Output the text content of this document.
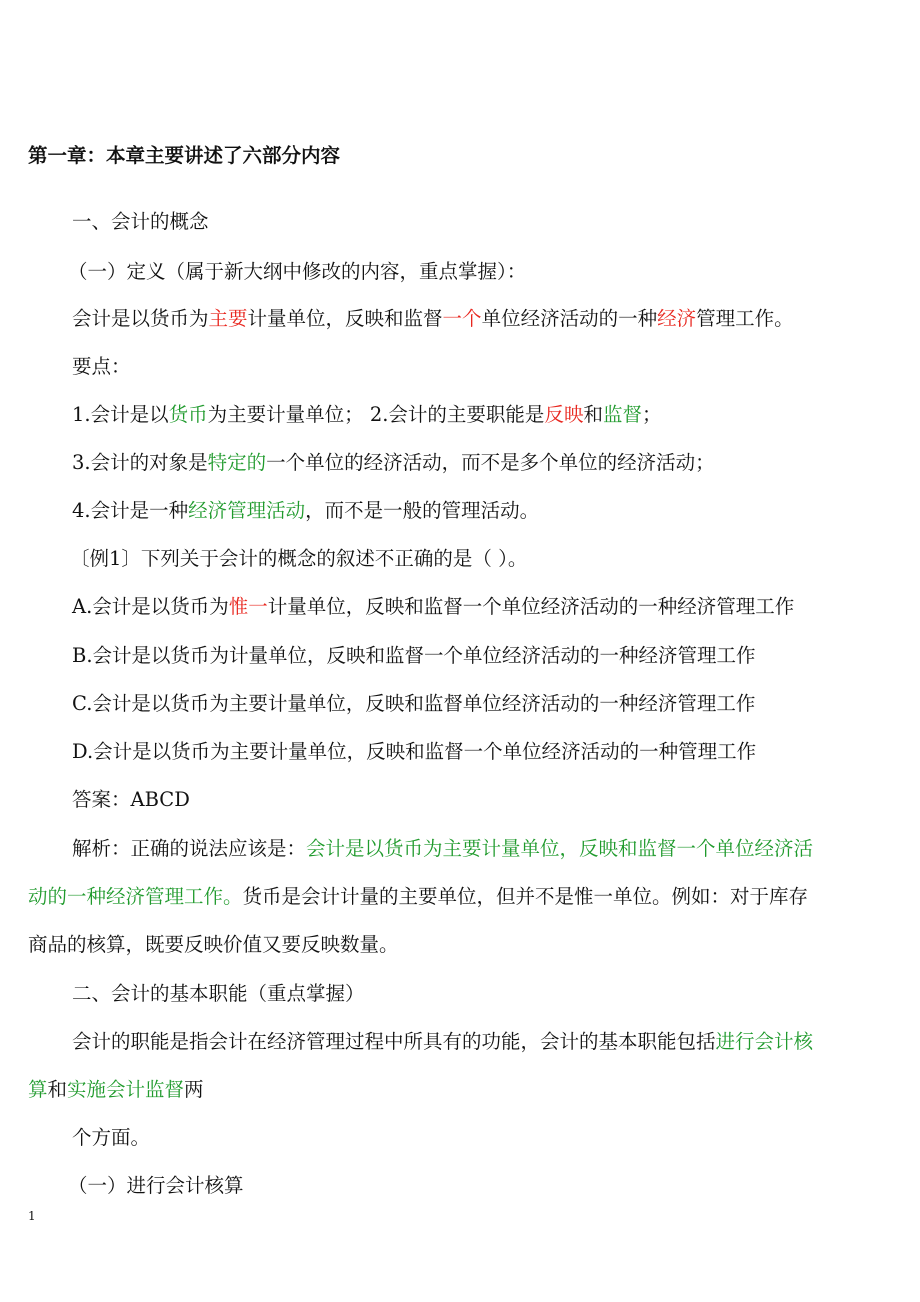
第一章：本章主要讲述了六部分内容

一、会计的概念

（一）定义（属于新大纲中修改的内容，重点掌握）：

会计是以货币为主要计量单位，反映和监督一个单位经济活动的一种经济管理工作。

要点：

1.会计是以货币为主要计量单位； 2.会计的主要职能是反映和监督；

3.会计的对象是特定的一个单位的经济活动，而不是多个单位的经济活动；

4.会计是一种经济管理活动，而不是一般的管理活动。

〔例1〕下列关于会计的概念的叙述不正确的是（ ）。

A.会计是以货币为惟一计量单位，反映和监督一个单位经济活动的一种经济管理工作

B.会计是以货币为计量单位，反映和监督一个单位经济活动的一种经济管理工作

C.会计是以货币为主要计量单位，反映和监督单位经济活动的一种经济管理工作

D.会计是以货币为主要计量单位，反映和监督一个单位经济活动的一种管理工作

答案：ABCD

解析：正确的说法应该是：会计是以货币为主要计量单位，反映和监督一个单位经济活

动的一种经济管理工作。货币是会计计量的主要单位，但并不是惟一单位。例如：对于库存

商品的核算，既要反映价值又要反映数量。

二、会计的基本职能（重点掌握）

会计的职能是指会计在经济管理过程中所具有的功能，会计的基本职能包括进行会计核

算和实施会计监督两

个方面。

（一）进行会计核算

1
